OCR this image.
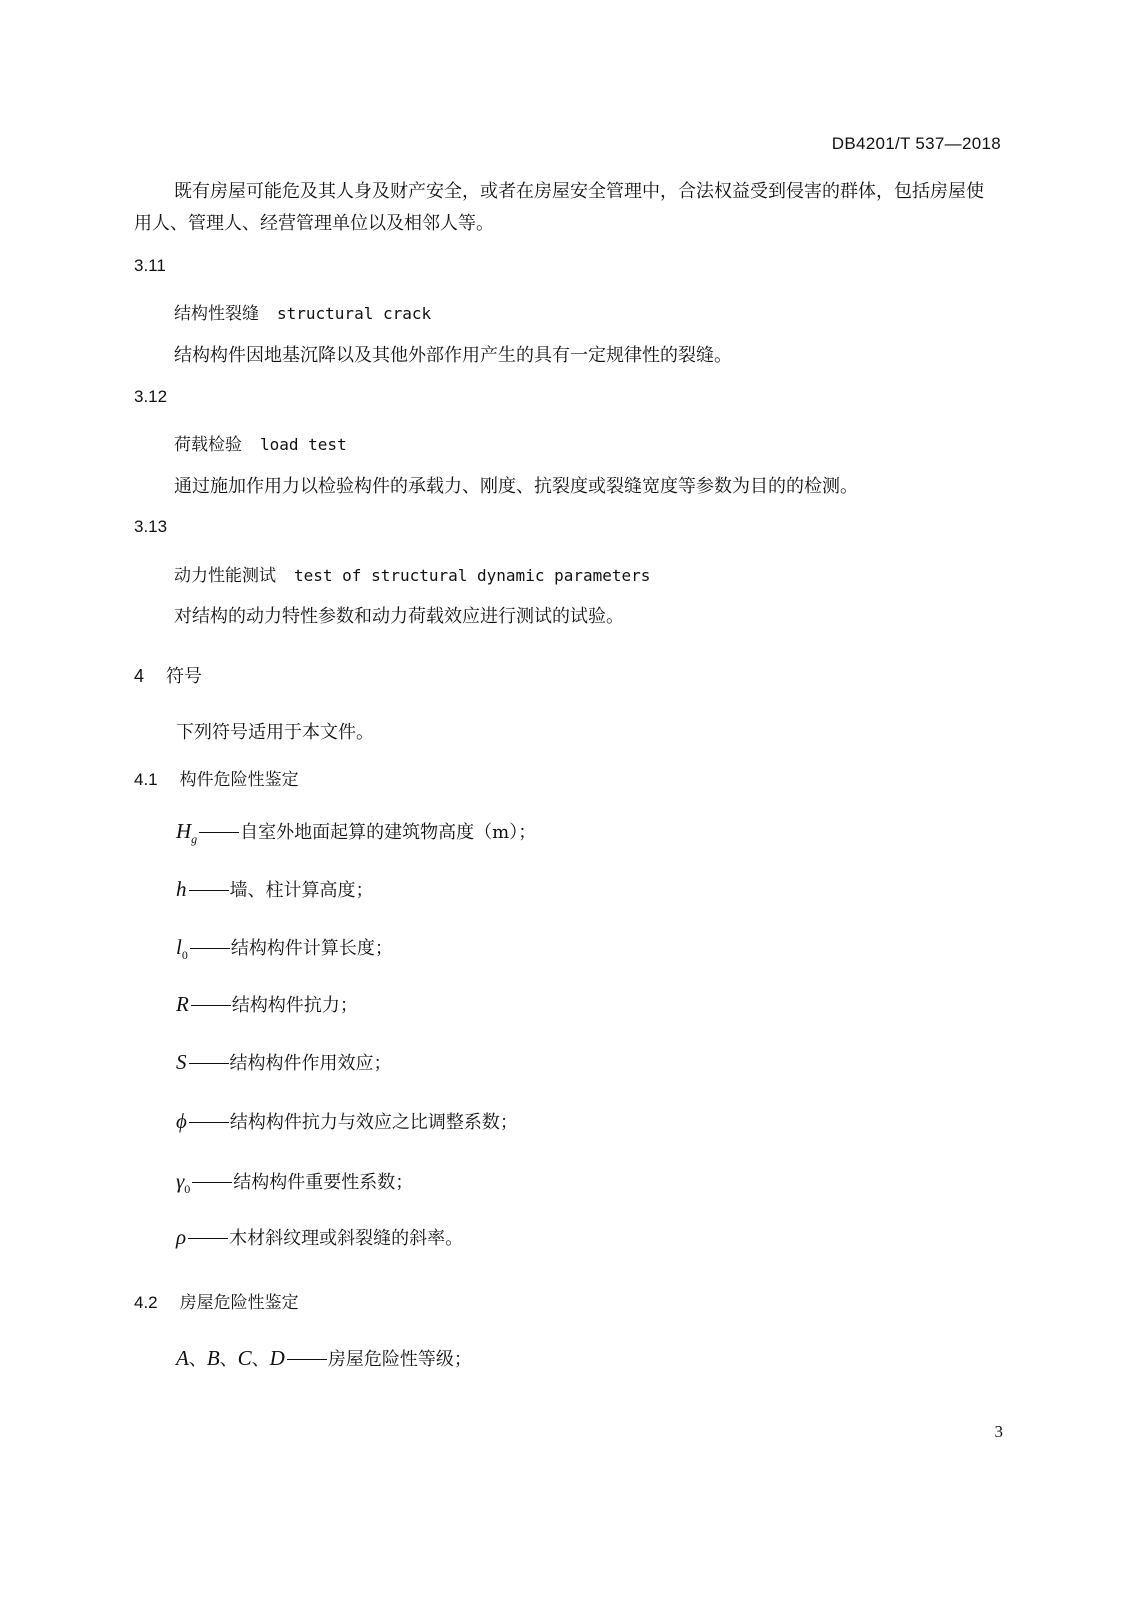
DB4201/T 537—2018
既有房屋可能危及其人身及财产安全，或者在房屋安全管理中，合法权益受到侵害的群体，包括房屋使用人、管理人、经营管理单位以及相邻人等。
3.11
结构性裂缝 structural crack
结构构件因地基沉降以及其他外部作用产生的具有一定规律性的裂缝。
3.12
荷载检验 load test
通过施加作用力以检验构件的承载力、刚度、抗裂度或裂缝宽度等参数为目的的检测。
3.13
动力性能测试 test of structural dynamic parameters
对结构的动力特性参数和动力荷载效应进行测试的试验。
4 符号
下列符号适用于本文件。
4.1 构件危险性鉴定
$H_g$ 自室外地面起算的建筑物高度（m）；
h 墙、柱计算高度；
$l_0$ 结构构件计算长度；
R 结构构件抗力；
S 结构构件作用效应；
ϕ 结构构件抗力与效应之比调整系数；
$\gamma_0$ 结构构件重要性系数；
ρ 木材斜纹理或斜裂缝的斜率。
4.2 房屋危险性鉴定
A、B、C、D 房屋危险性等级；
3
